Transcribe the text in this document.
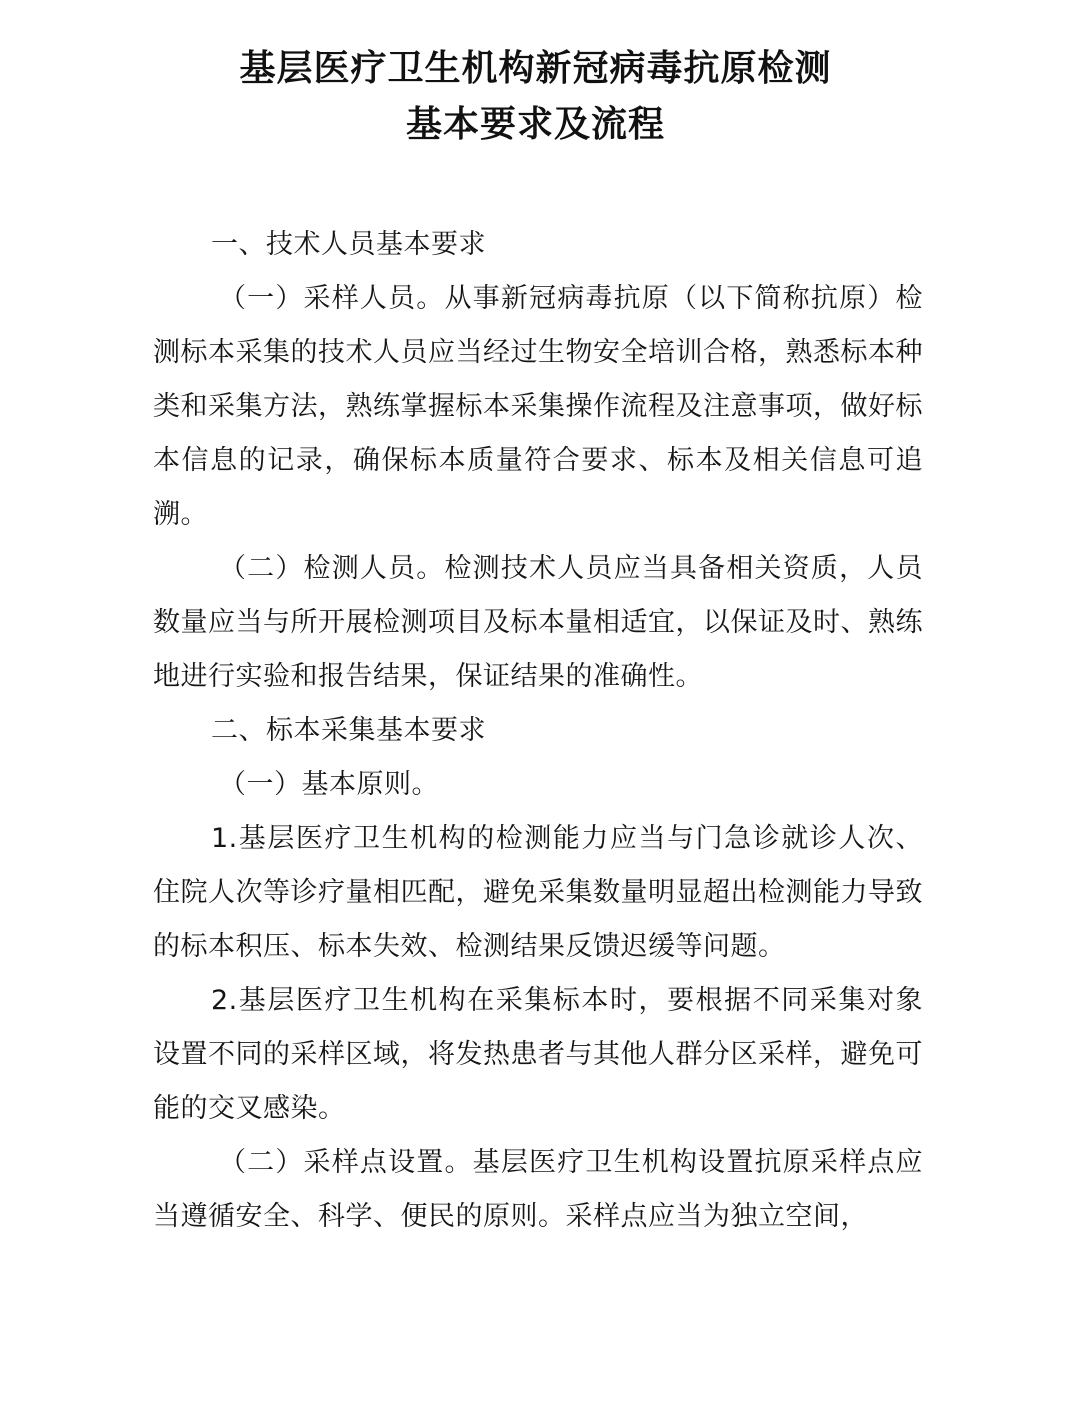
基层医疗卫生机构新冠病毒抗原检测
基本要求及流程

一、技术人员基本要求

（一）采样人员。从事新冠病毒抗原（以下简称抗原）检测标本采集的技术人员应当经过生物安全培训合格，熟悉标本种类和采集方法，熟练掌握标本采集操作流程及注意事项，做好标本信息的记录，确保标本质量符合要求、标本及相关信息可追溯。

（二）检测人员。检测技术人员应当具备相关资质，人员数量应当与所开展检测项目及标本量相适宜，以保证及时、熟练地进行实验和报告结果，保证结果的准确性。

二、标本采集基本要求

（一）基本原则。

1.基层医疗卫生机构的检测能力应当与门急诊就诊人次、住院人次等诊疗量相匹配，避免采集数量明显超出检测能力导致的标本积压、标本失效、检测结果反馈迟缓等问题。

2.基层医疗卫生机构在采集标本时，要根据不同采集对象设置不同的采样区域，将发热患者与其他人群分区采样，避免可能的交叉感染。

（二）采样点设置。基层医疗卫生机构设置抗原采样点应当遵循安全、科学、便民的原则。采样点应当为独立空间，
